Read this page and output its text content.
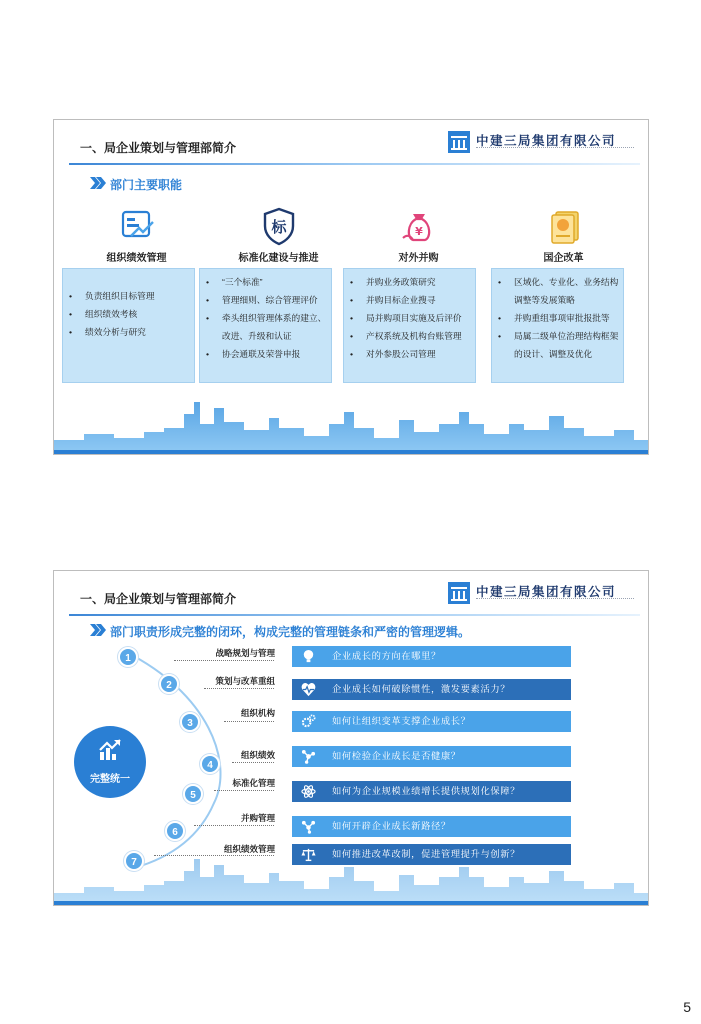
一、局企业策划与管理部简介	中建三局集团有限公司
部门主要职能
组织绩效管理
• 负责组织目标管理
• 组织绩效考核
• 绩效分析与研究
标
标准化建设与推进
• “三个标准”
• 管理细则、综合管理评价
• 牵头组织管理体系的建立、改进、升级和认证
• 协会通联及荣誉申报
¥
对外并购
• 并购业务政策研究
• 并购目标企业搜寻
• 局并购项目实施及后评价
• 产权系统及机构台账管理
• 对外参股公司管理
国企改革
• 区域化、专业化、业务结构调整等发展策略
• 并购重组事项审批报批等
• 局属二级单位治理结构框架的设计、调整及优化
一、局企业策划与管理部简介	中建三局集团有限公司
部门职责形成完整的闭环，构成完整的管理链条和严密的管理逻辑。
完整统一
1
2
3
4
5
6
7
战略规划与管理
策划与改革重组
组织机构
组织绩效
标准化管理
并购管理
组织绩效管理
企业成长的方向在哪里？
企业成长如何破除惯性，激发要素活力？
如何让组织变革支撑企业成长？
如何检验企业成长是否健康？
如何为企业规模业绩增长提供规划化保障？
如何开辟企业成长新路径？
如何推进改革改制，促进管理提升与创新？
5
